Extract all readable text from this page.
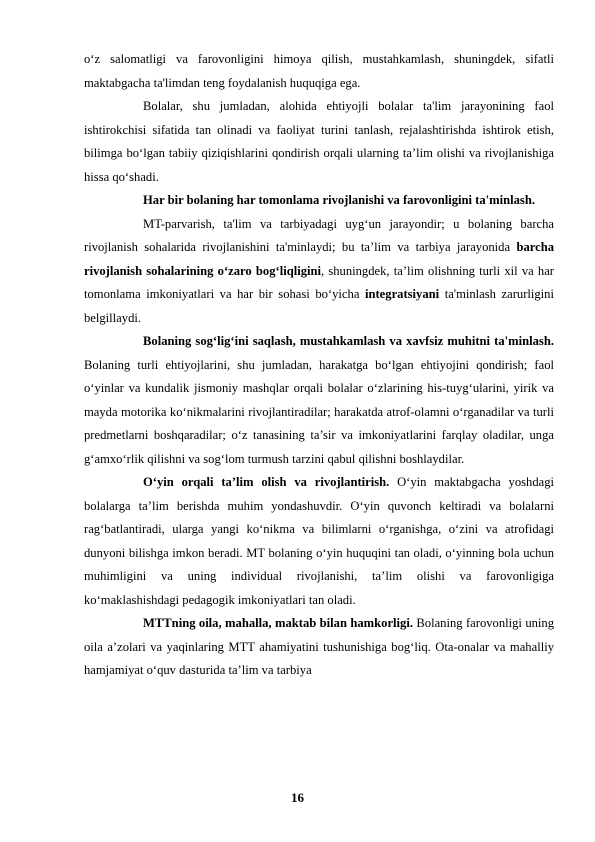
o‘z salomatligi va farovonligini himoya qilish, mustahkamlash, shuningdek, sifatli maktabgacha ta'limdan teng foydalanish huquqiga ega.

Bolalar, shu jumladan, alohida ehtiyojli bolalar ta'lim jarayonining faol ishtirokchisi sifatida tan olinadi va faoliyat turini tanlash, rejalashtirishda ishtirok etish, bilimga bo‘lgan tabiiy qiziqishlarini qondirish orqali ularning ta’lim olishi va rivojlanishiga hissa qo‘shadi.

Har bir bolaning har tomonlama rivojlanishi va farovonligini ta'minlash.

MT-parvarish, ta'lim va tarbiyadagi uyg‘un jarayondir; u bolaning barcha rivojlanish sohalarida rivojlanishini ta'minlaydi; bu ta’lim va tarbiya jarayonida barcha rivojlanish sohalarining o‘zaro bog‘liqligini, shuningdek, ta’lim olishning turli xil va har tomonlama imkoniyatlari va har bir sohasi bo‘yicha integratsiyani ta'minlash zarurligini belgillaydi.

Bolaning sog‘lig‘ini saqlash, mustahkamlash va xavfsiz muhitni ta'minlash. Bolaning turli ehtiyojlarini, shu jumladan, harakatga bo‘lgan ehtiyojini qondirish; faol o‘yinlar va kundalik jismoniy mashqlar orqali bolalar o‘zlarining his-tuyg‘ularini, yirik va mayda motorika ko‘nikmalarini rivojlantiradilar; harakatda atrof-olamni o‘rganadilar va turli predmetlarni boshqaradilar; o‘z tanasining ta’sir va imkoniyatlarini farqlay oladilar, unga g‘amxo‘rlik qilishni va sog‘lom turmush tarzini qabul qilishni boshlaydilar.

O‘yin orqali ta’lim olish va rivojlantirish. O‘yin maktabgacha yoshdagi bolalarga ta’lim berishda muhim yondashuvdir. O‘yin quvonch keltiradi va bolalarni rag‘batlantiradi, ularga yangi ko‘nikma va bilimlarni o‘rganishga, o‘zini va atrofidagi dunyoni bilishga imkon beradi. MT bolaning o‘yin huquqini tan oladi, o‘yinning bola uchun muhimligini va uning individual rivojlanishi, ta’lim olishi va farovonligiga ko‘maklashishdagi pedagogik imkoniyatlari tan oladi.

MTTning oila, mahalla, maktab bilan hamkorligi. Bolaning farovonligi uning oila a’zolari va yaqinlaring MTT ahamiyatini tushunishiga bog‘liq. Ota-onalar va mahalliy hamjamiyat o‘quv dasturida ta’lim va tarbiya

16
